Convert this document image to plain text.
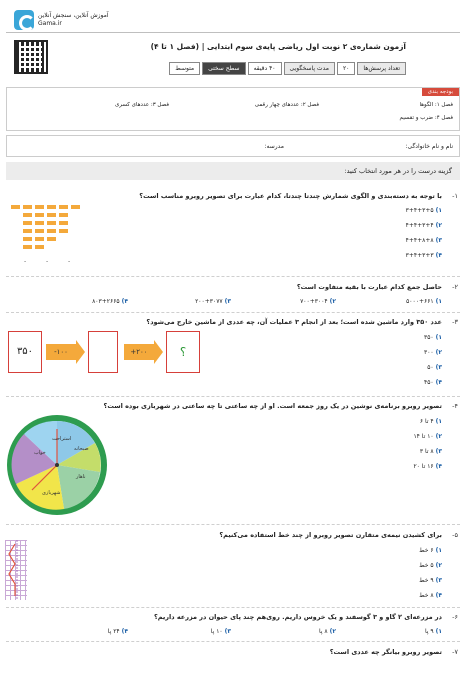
آموزش آنلاین، سنجش آنلاین
Gama.ir
آزمون شماره‌ی ۲ نوبت اول ریاضی پایه‌ی سوم ابتدایی | (فصل ۱ تا ۴)
تعداد پرسش‌ها
۲۰
مدت پاسخگویی
۴۰ دقیقه
سطح سختی
متوسط
بودجه بندی
فصل ۱: الگوها
فصل ۲: عددهای چهار رقمی
فصل ۳: عددهای کسری
فصل ۴: ضرب و تقسیم
نام و نام خانوادگی:
مدرسه:
گزینه درست را در هر مورد انتخاب کنید:
۱-
با توجه به دسته‌بندی و الگوی شمارش چندتا چندتا، کدام عبارت برای تصویر روبرو مناسب است؟
۱) ۳+۴+۳+۵
۲) ۴+۴+۳+۴
۳) ۴+۴+۸+۸
۴) ۳+۴+۳+۳
-	-	-
۲-
حاصل جمع کدام عبارت با بقیه متفاوت است؟
۱) ۵۰۰۰+۶۶۱
۲) ۷۰۰+۳۰۰۴
۳) ۲۰۰+۳۰۷۷
۴) ۸۰۳+۲۶۶۵
۳-
عدد ۳۵۰ وارد ماشین شده است؛ بعد از انجام ۳ عملیات آن، چه عددی از ماشین خارج می‌شود؟
۳۵۰	-۱۰۰	+۲۰۰	؟
۱) ۳۵۰
۲) ۳۰۰
۳) ۵۰
۴) ۴۵۰
۴-
تصویر روبرو برنامه‌ی نوشین در یک روز جمعه است. او از چه ساعتی تا چه ساعتی در شهربازی بوده است؟
خواب
صبحانه
ناهار
استراحت
شهربازی
۱) ۴ تا ۶
۲) ۱۰ تا ۱۴
۳) ۸ تا ۳
۴) ۱۶ تا ۲۰
۵-
برای کشیدن نیمه‌ی متقارن تصویر روبرو از چند خط استفاده می‌کنیم؟
۱) ۶ خط
۲) ۵ خط
۳) ۹ خط
۴) ۸ خط
۶-
در مزرعه‌ای ۲ گاو و ۳ گوسفند و یک خروس داریم. روی‌هم چند پای حیوان در مزرعه داریم؟
۱) ۹ پا
۲) ۸ پا
۳) ۱۰ پا
۴) ۲۴ پا
۷-
تصویر روبرو بیانگر چه عددی است؟
